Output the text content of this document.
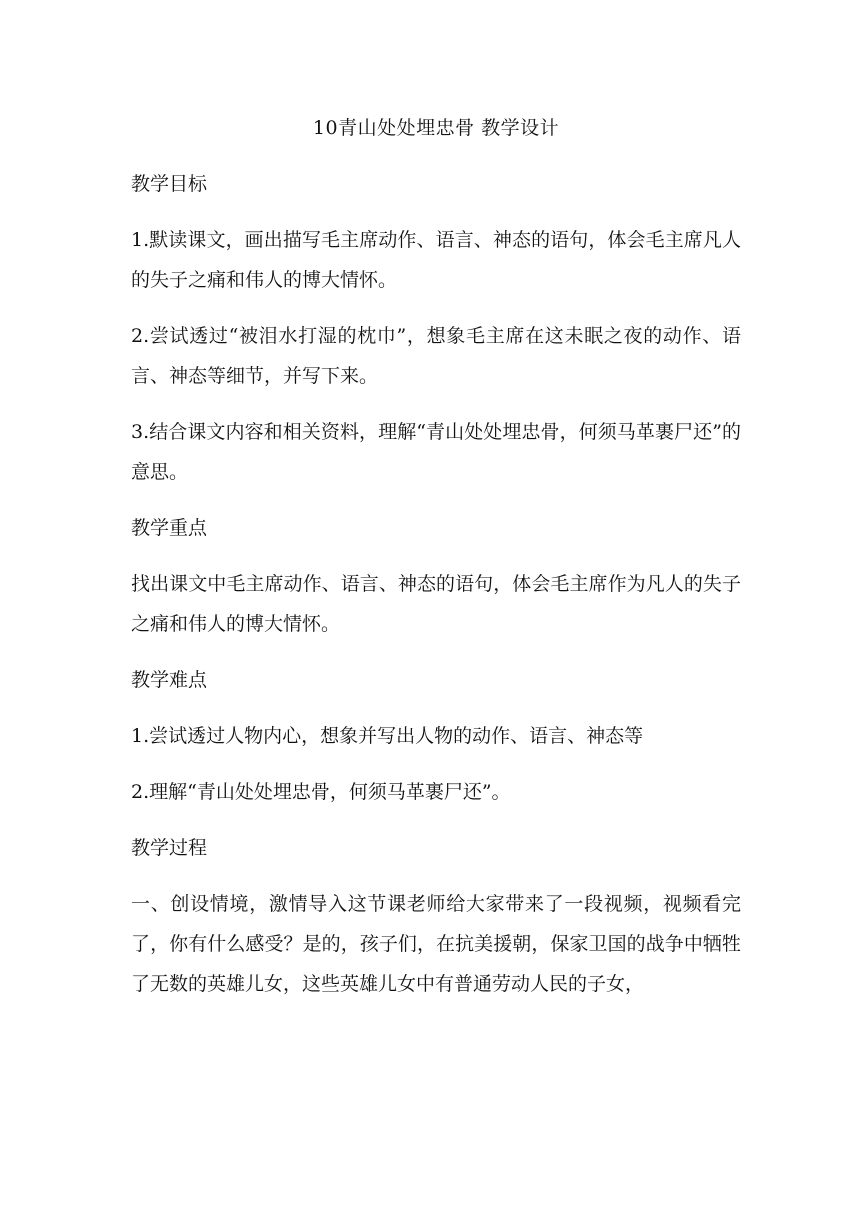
10青山处处埋忠骨 教学设计
教学目标
1.默读课文，画出描写毛主席动作、语言、神态的语句，体会毛主席凡人的失子之痛和伟人的博大情怀。
2.尝试透过“被泪水打湿的枕巾”，想象毛主席在这未眠之夜的动作、语言、神态等细节，并写下来。
3.结合课文内容和相关资料，理解“青山处处埋忠骨，何须马革裹尸还”的意思。
教学重点
找出课文中毛主席动作、语言、神态的语句，体会毛主席作为凡人的失子之痛和伟人的博大情怀。
教学难点
1.尝试透过人物内心，想象并写出人物的动作、语言、神态等
2.理解“青山处处埋忠骨，何须马革裹尸还”。
教学过程
一、创设情境，激情导入这节课老师给大家带来了一段视频，视频看完了，你有什么感受？是的，孩子们，在抗美援朝，保家卫国的战争中牺牲了无数的英雄儿女，这些英雄儿女中有普通劳动人民的子女，
